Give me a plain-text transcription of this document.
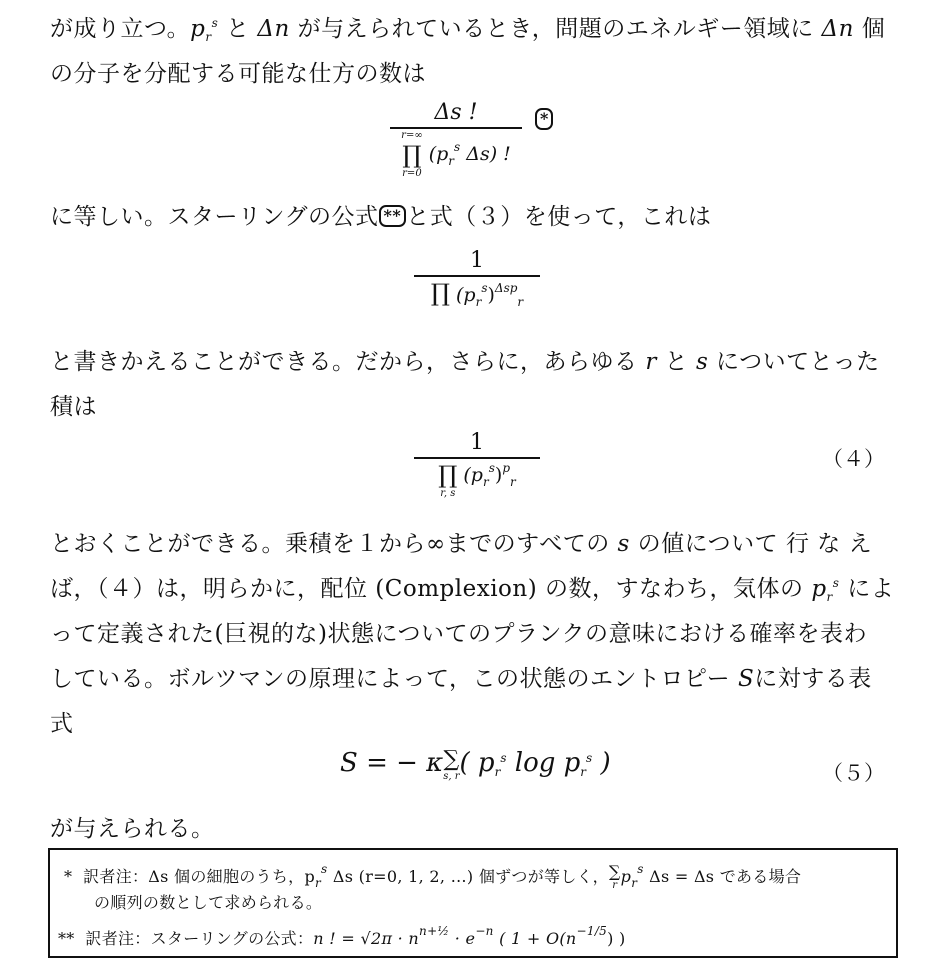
が成り立つ。$p_r^s$ と Δn が与えられているとき，問題のエネルギー領域に Δn 個
の分子を分配する可能な仕方の数は
Δs !
r=∞
∏
r=0
($p_r^s$ Δs) !
*
に等しい。スターリングの公式 ** と式（３）を使って，これは
1
∏ $(p_r^s)^{\Delta sp}_r$
と書きかえることができる。だから，さらに，あらゆる r と s についてとった
積は
1
∏
r, s
$(p_r^s)^p_r$
（４）
とおくことができる。乗積を１から∞までのすべての s の値について 行 な え
ば，（４）は，明らかに，配位 (Complexion) の数，すなわち，気体の $p_r^s$ によ
って定義された(巨視的な)状態についてのプランクの意味における確率を表わ
している。ボルツマンの原理によって，この状態のエントロピー Sに対する表
式
S = − κ ∑
s, r ( $p_r^s$ $\log p_r^s$ )	（５）
が与えられる。
* 訳者注：Δs 個の細胞のうち，$p_r^s$ Δs (r=0, 1, 2, …) 個ずつが等しく，∑
r $p_r^s$ Δs = Δs である場合
の順列の数として求められる。
** 訳者注：スターリングの公式：n ! = $√2\pi \cdot n^{n+\frac{1}{2}} \cdot e^{-n}$ ( $1 + O(n^{-1/5})$ )
